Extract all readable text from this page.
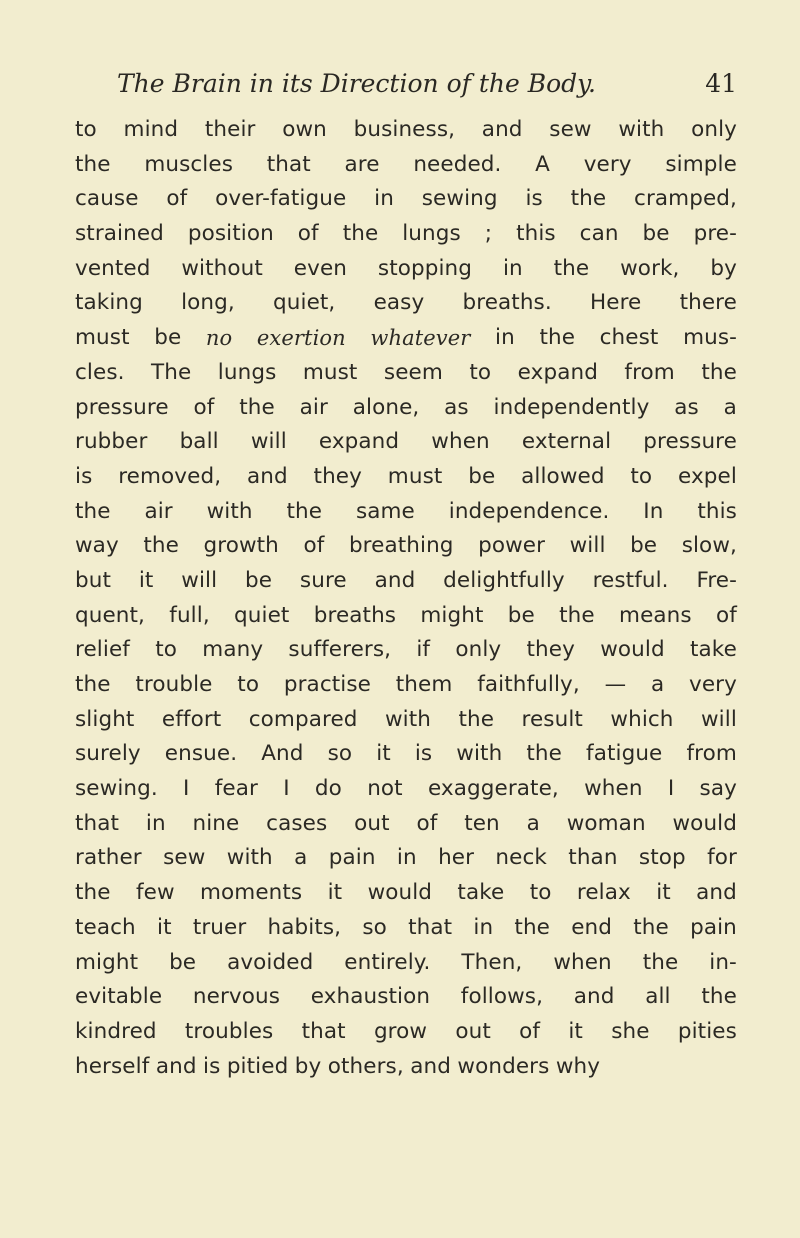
The Brain in its Direction of the Body.	41
to mind their own business, and sew with only
the muscles that are needed. A very simple
cause of over-fatigue in sewing is the cramped,
strained position of the lungs ; this can be pre-
vented without even stopping in the work, by
taking long, quiet, easy breaths. Here there
must be no exertion whatever in the chest mus-
cles. The lungs must seem to expand from the
pressure of the air alone, as independently as a
rubber ball will expand when external pressure
is removed, and they must be allowed to expel
the air with the same independence. In this
way the growth of breathing power will be slow,
but it will be sure and delightfully restful. Fre-
quent, full, quiet breaths might be the means of
relief to many sufferers, if only they would take
the trouble to practise them faithfully, — a very
slight effort compared with the result which will
surely ensue. And so it is with the fatigue from
sewing. I fear I do not exaggerate, when I say
that in nine cases out of ten a woman would
rather sew with a pain in her neck than stop for
the few moments it would take to relax it and
teach it truer habits, so that in the end the pain
might be avoided entirely. Then, when the in-
evitable nervous exhaustion follows, and all the
kindred troubles that grow out of it she pities
herself and is pitied by others, and wonders why
